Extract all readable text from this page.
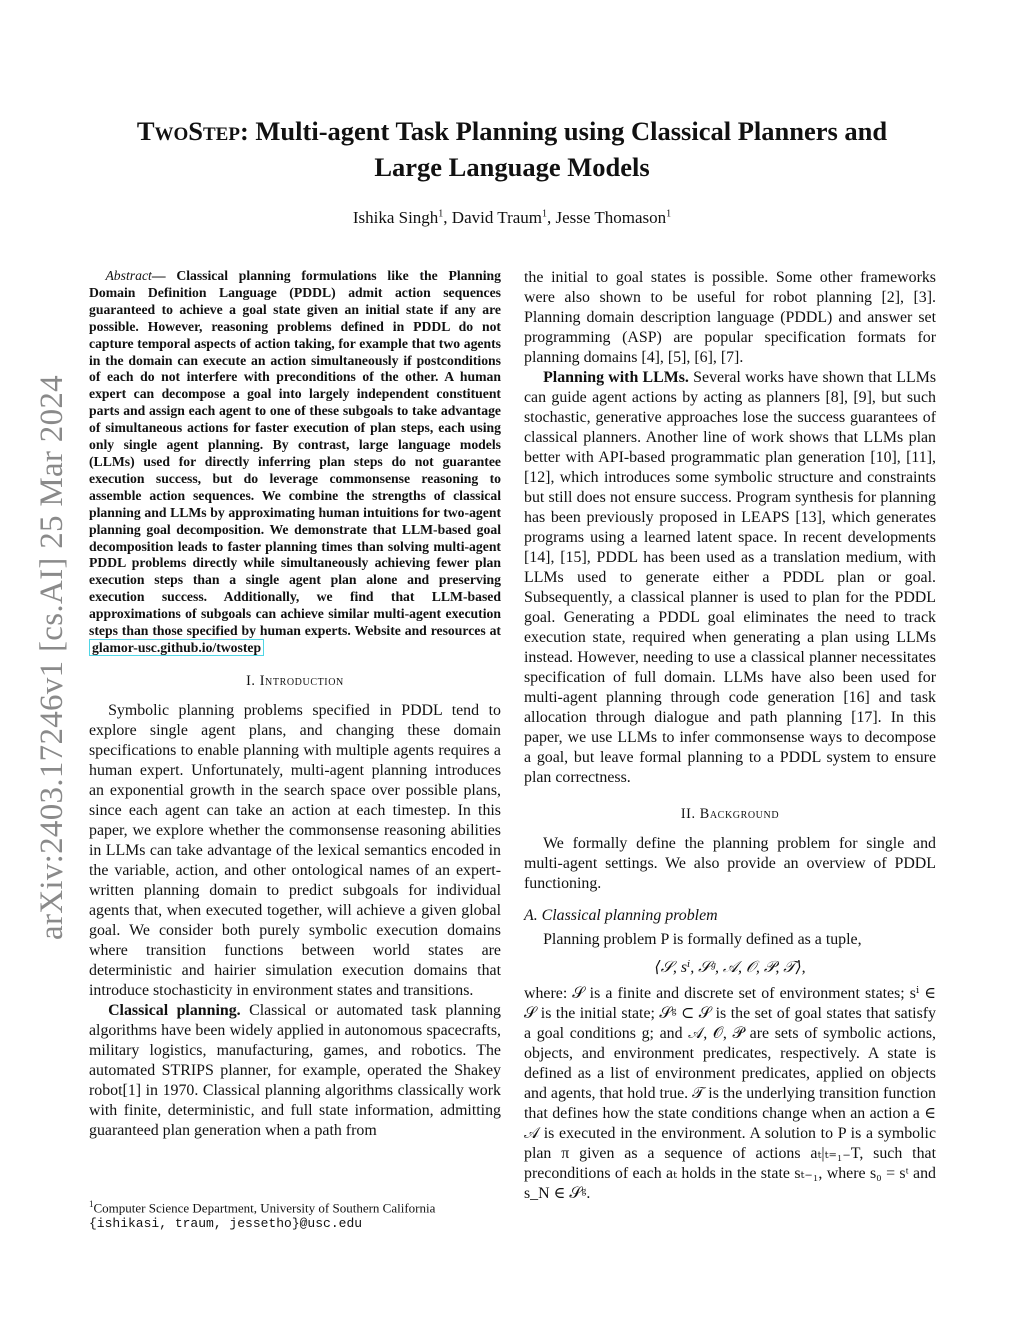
arXiv:2403.17246v1 [cs.AI] 25 Mar 2024
TwoStep: Multi-agent Task Planning using Classical Planners and
Large Language Models
Ishika Singh$^1$, David Traum$^1$, Jesse Thomason$^1$

Abstract— Classical planning formulations like the Planning Domain Definition Language (PDDL) admit action sequences guaranteed to achieve a goal state given an initial state if any are possible. However, reasoning problems defined in PDDL do not capture temporal aspects of action taking, for example that two agents in the domain can execute an action simultaneously if postconditions of each do not interfere with preconditions of the other. A human expert can decompose a goal into largely independent constituent parts and assign each agent to one of these subgoals to take advantage of simultaneous actions for faster execution of plan steps, each using only single agent planning. By contrast, large language models (LLMs) used for directly inferring plan steps do not guarantee execution success, but do leverage commonsense reasoning to assemble action sequences. We combine the strengths of classical planning and LLMs by approximating human intuitions for two-agent planning goal decomposition. We demonstrate that LLM-based goal decomposition leads to faster planning times than solving multi-agent PDDL problems directly while simultaneously achieving fewer plan execution steps than a single agent plan alone and preserving execution success. Additionally, we find that LLM-based approximations of subgoals can achieve similar multi-agent execution steps than those specified by human experts. Website and resources at glamor-usc.github.io/twostep

I. Introduction

Symbolic planning problems specified in PDDL tend to explore single agent plans, and changing these domain specifications to enable planning with multiple agents requires a human expert. Unfortunately, multi-agent planning introduces an exponential growth in the search space over possible plans, since each agent can take an action at each timestep. In this paper, we explore whether the commonsense reasoning abilities in LLMs can take advantage of the lexical semantics encoded in the variable, action, and other ontological names of an expert-written planning domain to predict subgoals for individual agents that, when executed together, will achieve a given global goal. We consider both purely symbolic execution domains where transition functions between world states are deterministic and hairier simulation execution domains that introduce stochasticity in environment states and transitions.

Classical planning. Classical or automated task planning algorithms have been widely applied in autonomous spacecrafts, military logistics, manufacturing, games, and robotics. The automated STRIPS planner, for example, operated the Shakey robot[1] in 1970. Classical planning algorithms classically work with finite, deterministic, and full state information, admitting guaranteed plan generation when a path from

$^1$Computer Science Department, University of Southern California
{ishikasi, traum, jessetho}@usc.edu

the initial to goal states is possible. Some other frameworks were also shown to be useful for robot planning [2], [3]. Planning domain description language (PDDL) and answer set programming (ASP) are popular specification formats for planning domains [4], [5], [6], [7].

Planning with LLMs. Several works have shown that LLMs can guide agent actions by acting as planners [8], [9], but such stochastic, generative approaches lose the success guarantees of classical planners. Another line of work shows that LLMs plan better with API-based programmatic plan generation [10], [11], [12], which introduces some symbolic structure and constraints but still does not ensure success. Program synthesis for planning has been previously proposed in LEAPS [13], which generates programs using a learned latent space. In recent developments [14], [15], PDDL has been used as a translation medium, with LLMs used to generate either a PDDL plan or goal. Subsequently, a classical planner is used to plan for the PDDL goal. Generating a PDDL goal eliminates the need to track execution state, required when generating a plan using LLMs instead. However, needing to use a classical planner necessitates specification of full domain. LLMs have also been used for multi-agent planning through code generation [16] and task allocation through dialogue and path planning [17]. In this paper, we use LLMs to infer commonsense ways to decompose a goal, but leave formal planning to a PDDL system to ensure plan correctness.

II. Background

We formally define the planning problem for single and multi-agent settings. We also provide an overview of PDDL functioning.

A. Classical planning problem

Planning problem P is formally defined as a tuple,

⟨𝒮, sⁱ, 𝒮ᵍ, 𝒜, 𝒪, 𝒫, 𝒯⟩,

where: 𝒮 is a finite and discrete set of environment states; sⁱ ∈ 𝒮 is the initial state; 𝒮ᵍ ⊂ 𝒮 is the set of goal states that satisfy a goal conditions g; and 𝒜, 𝒪, 𝒫 are sets of symbolic actions, objects, and environment predicates, respectively. A state is defined as a list of environment predicates, applied on objects and agents, that hold true. 𝒯 is the underlying transition function that defines how the state conditions change when an action a ∈ 𝒜 is executed in the environment. A solution to P is a symbolic plan π given as a sequence of actions aₜ|ₜ₌₁₋T, such that preconditions of each aₜ holds in the state sₜ₋₁, where s₀ = sᵗ and s_N ∈ 𝒮ᵍ.
